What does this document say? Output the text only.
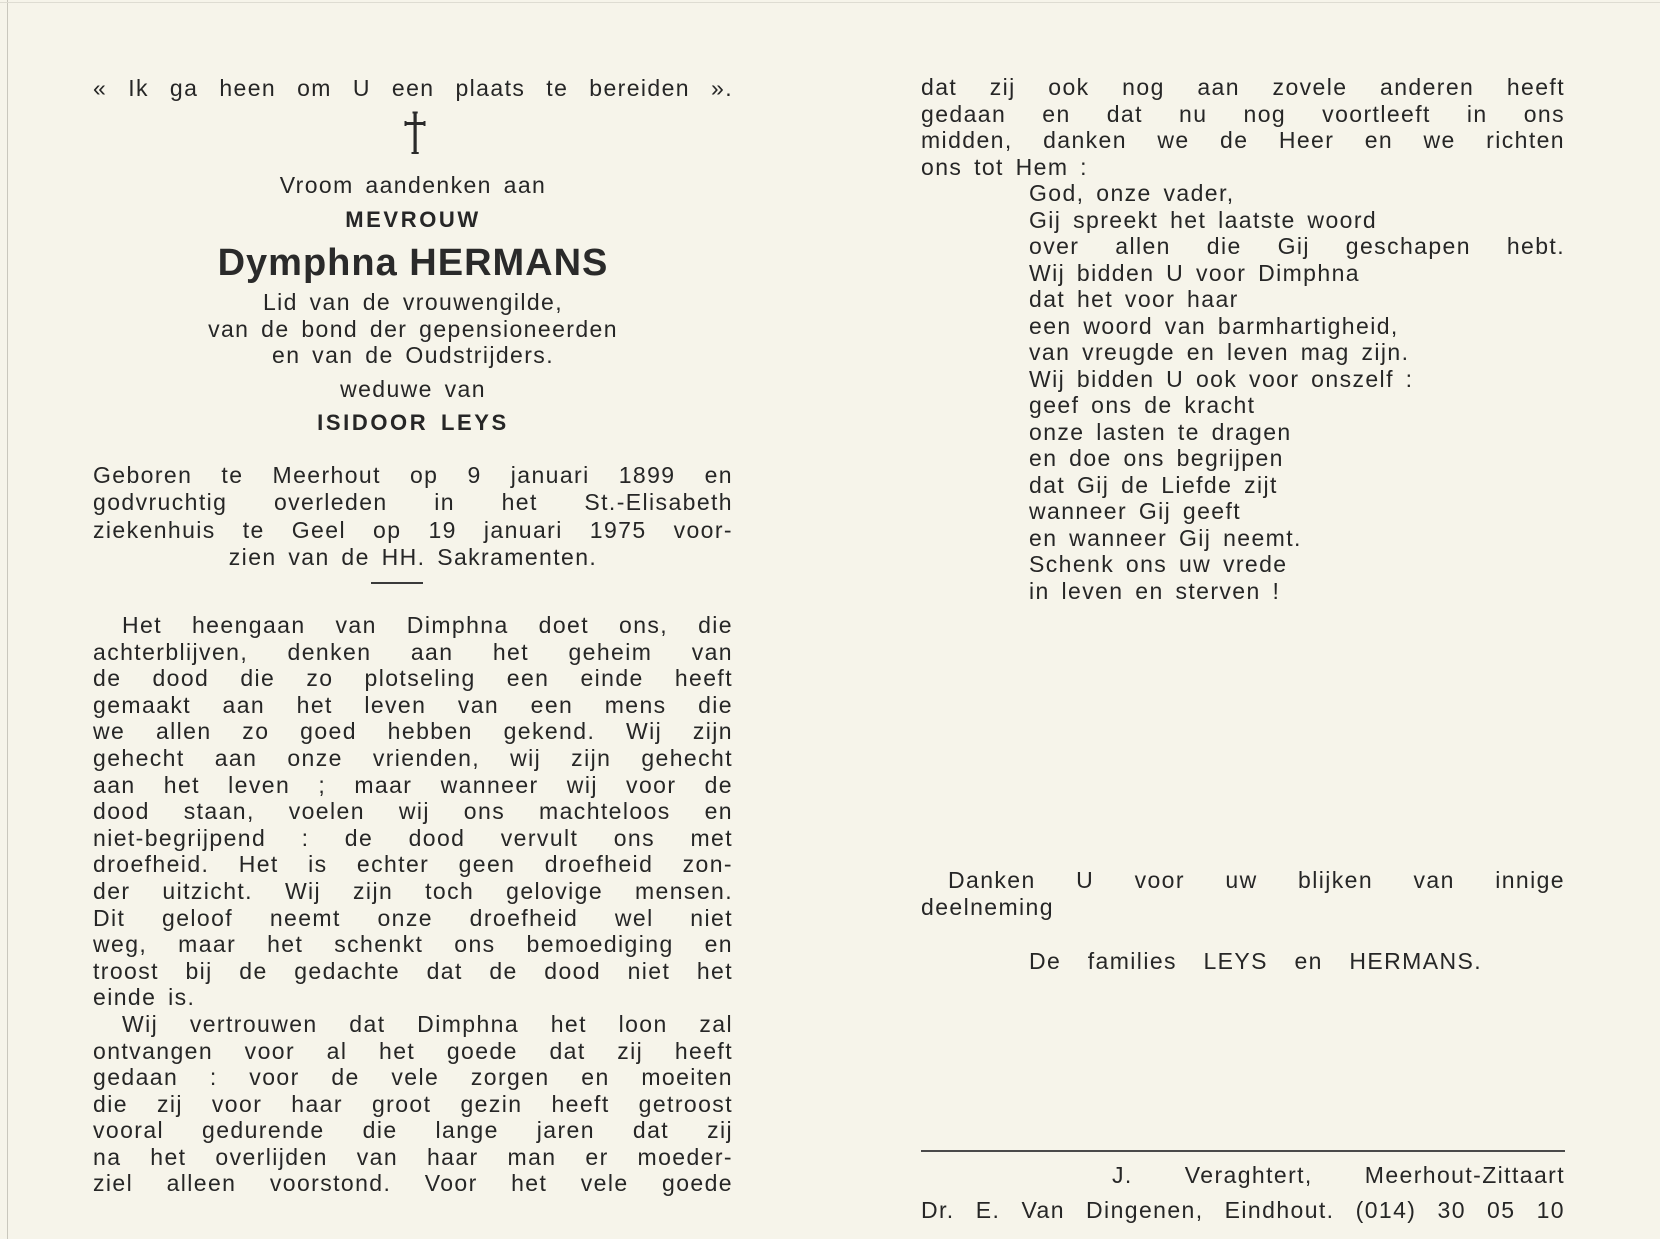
« Ik ga heen om U een plaats te bereiden ».
Vroom aandenken aan
MEVROUW
Dymphna HERMANS
Lid van de vrouwengilde,
van de bond der gepensioneerden
en van de Oudstrijders.
weduwe van
ISIDOOR LEYS
Geboren te Meerhout op 9 januari 1899 en
godvruchtig overleden in het St.-Elisabeth
ziekenhuis te Geel op 19 januari 1975 voor-
zien van de HH. Sakramenten.
Het heengaan van Dimphna doet ons, die
achterblijven, denken aan het geheim van
de dood die zo plotseling een einde heeft
gemaakt aan het leven van een mens die
we allen zo goed hebben gekend. Wij zijn
gehecht aan onze vrienden, wij zijn gehecht
aan het leven ; maar wanneer wij voor de
dood staan, voelen wij ons machteloos en
niet-begrijpend : de dood vervult ons met
droefheid. Het is echter geen droefheid zon-
der uitzicht. Wij zijn toch gelovige mensen.
Dit geloof neemt onze droefheid wel niet
weg, maar het schenkt ons bemoediging en
troost bij de gedachte dat de dood niet het
einde is.
Wij vertrouwen dat Dimphna het loon zal
ontvangen voor al het goede dat zij heeft
gedaan : voor de vele zorgen en moeiten
die zij voor haar groot gezin heeft getroost
vooral gedurende die lange jaren dat zij
na het overlijden van haar man er moeder-
ziel alleen voorstond. Voor het vele goede
dat zij ook nog aan zovele anderen heeft
gedaan en dat nu nog voortleeft in ons
midden, danken we de Heer en we richten
ons tot Hem :
God, onze vader,
Gij spreekt het laatste woord
over allen die Gij geschapen hebt.
Wij bidden U voor Dimphna
dat het voor haar
een woord van barmhartigheid,
van vreugde en leven mag zijn.
Wij bidden U ook voor onszelf :
geef ons de kracht
onze lasten te dragen
en doe ons begrijpen
dat Gij de Liefde zijt
wanneer Gij geeft
en wanneer Gij neemt.
Schenk ons uw vrede
in leven en sterven !
Danken U voor uw blijken van innige
deelneming
De families LEYS en HERMANS.
J. Veraghtert, Meerhout-Zittaart
Dr. E. Van Dingenen, Eindhout. (014) 30 05 10
